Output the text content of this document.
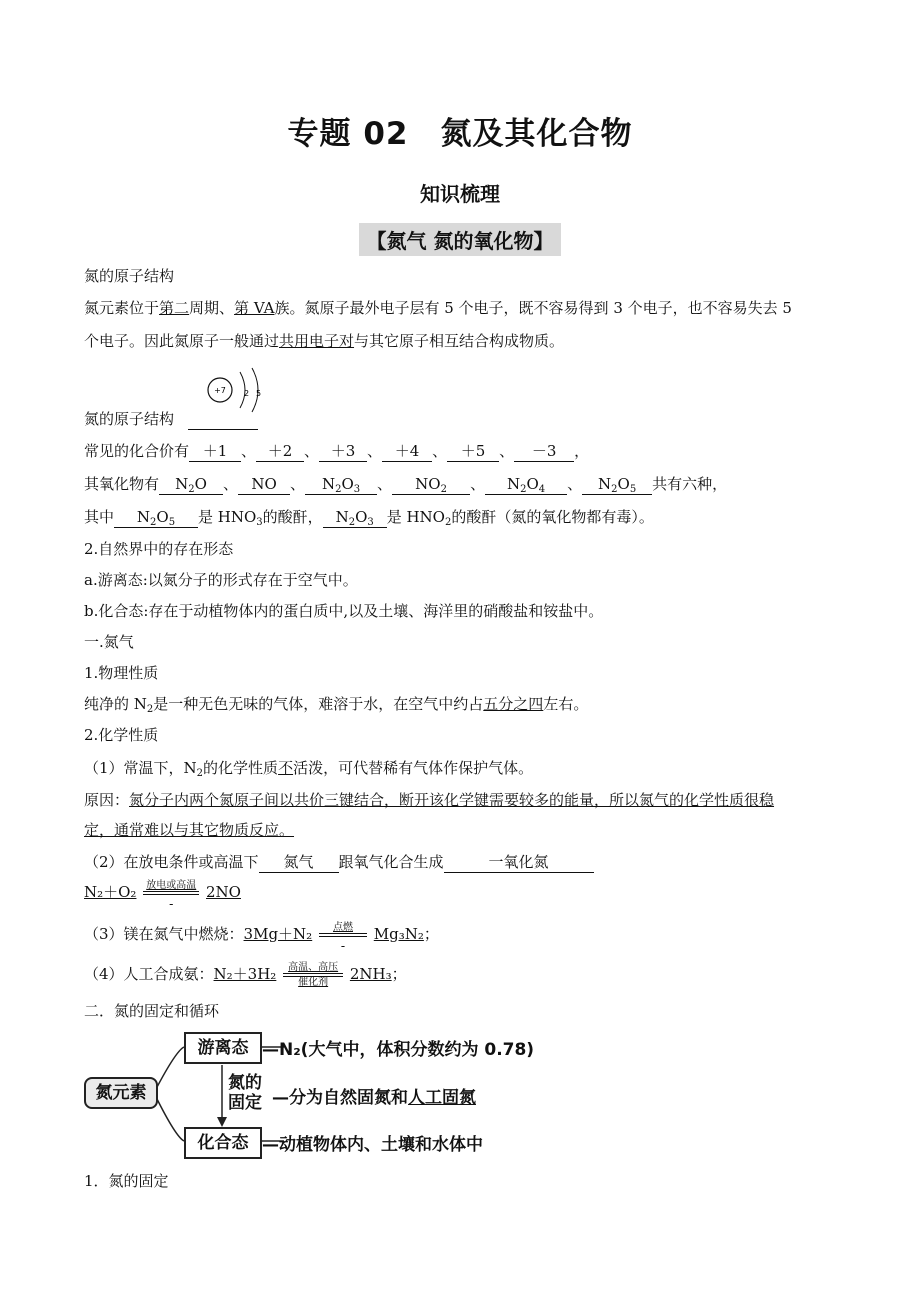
专题 02　氮及其化合物
知识梳理
【氮气 氮的氧化物】
氮的原子结构
氮元素位于第二周期、第 VA族。氮原子最外电子层有 5 个电子，既不容易得到 3 个电子，也不容易失去 5
个电子。因此氮原子一般通过共用电子对与其它原子相互结合构成物质。
+7 2 5
氮的原子结构
常见的化合价有 ＋1 、 ＋2 、 ＋3 、 ＋4 、 ＋5 、 －3 ，
其氧化物有 $N_2O$ 、 NO 、 $N_2O_3$ 、 $NO_2$ 、 $N_2O_4$ 、 $N_2O_5$ 共有六种，
其中 $N_2O_5$ 是 $HNO_3$的酸酐， $N_2O_3$ 是 $HNO_2$的酸酐（氮的氧化物都有毒）。
2.自然界中的存在形态
a.游离态:以氮分子的形式存在于空气中。
b.化合态:存在于动植物体内的蛋白质中,以及土壤、海洋里的硝酸盐和铵盐中。
一.氮气
1.物理性质
纯净的 $N_2$是一种无色无味的气体，难溶于水，在空气中约占五分之四左右。
2.化学性质
（1）常温下，$N_2$的化学性质不活泼，可代替稀有气体作保护气体。
原因：氮分子内两个氮原子间以共价三键结合，断开该化学键需要较多的能量，所以氮气的化学性质很稳
定，通常难以与其它物质反应。
（2）在放电条件或高温下 氮气 跟氧气化合生成	一氧化氮
N₂＋O₂ 放电或高温
2NO
（3）镁在氮气中燃烧：3Mg＋N₂	点燃
	Mg₃N₂；
（4）人工合成氨：N₂＋3H₂	高温、高压
催化剂	2NH₃；
二．氮的固定和循环
氮元素
游离态
化合态
—N₂(大气中，体积分数约为 0.78)
氮的
固定 —分为自然固氮和人工固氮
—动植物体内、土壤和水体中
1．氮的固定
